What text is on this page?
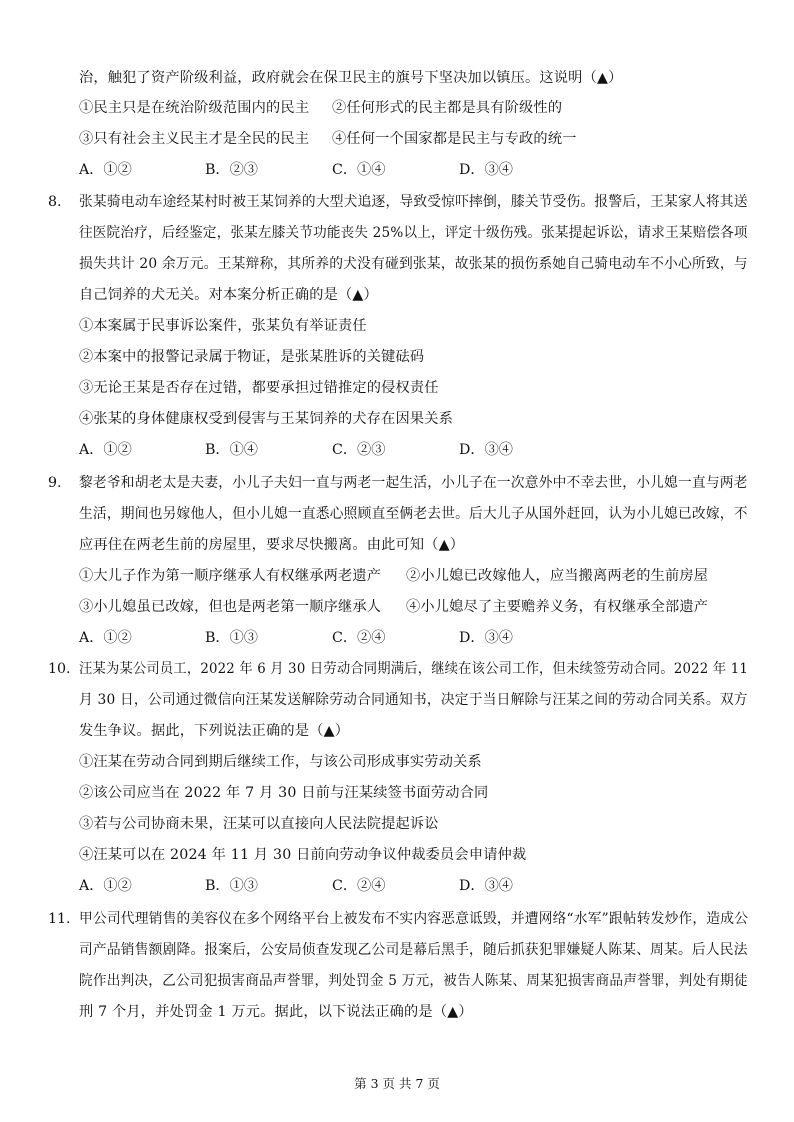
治，触犯了资产阶级利益，政府就会在保卫民主的旗号下坚决加以镇压。这说明（▲）
①民主只是在统治阶级范围内的民主 ②任何形式的民主都是具有阶级性的
③只有社会主义民主才是全民的民主 ④任何一个国家都是民主与专政的统一
A．①②	B．②③	C．①④	D．③④
8. 张某骑电动车途经某村时被王某饲养的大型犬追逐，导致受惊吓摔倒，膝关节受伤。报警后，王某家人将其送
往医院治疗，后经鉴定，张某左膝关节功能丧失 25%以上，评定十级伤残。张某提起诉讼，请求王某赔偿各项
损失共计 20 余万元。王某辩称，其所养的犬没有碰到张某，故张某的损伤系她自己骑电动车不小心所致，与
自己饲养的犬无关。对本案分析正确的是（▲）
①本案属于民事诉讼案件，张某负有举证责任
②本案中的报警记录属于物证，是张某胜诉的关键砝码
③无论王某是否存在过错，都要承担过错推定的侵权责任
④张某的身体健康权受到侵害与王某饲养的犬存在因果关系
A．①②	B．①④	C．②③	D．③④
9. 黎老爷和胡老太是夫妻，小儿子夫妇一直与两老一起生活，小儿子在一次意外中不幸去世，小儿媳一直与两老
生活，期间也另嫁他人，但小儿媳一直悉心照顾直至俩老去世。后大儿子从国外赶回，认为小儿媳已改嫁，不
应再住在两老生前的房屋里，要求尽快搬离。由此可知（▲）
①大儿子作为第一顺序继承人有权继承两老遗产 ②小儿媳已改嫁他人，应当搬离两老的生前房屋
③小儿媳虽已改嫁，但也是两老第一顺序继承人 ④小儿媳尽了主要赡养义务，有权继承全部遗产
A．①②	B．①③	C．②④	D．③④
10. 汪某为某公司员工，2022 年 6 月 30 日劳动合同期满后，继续在该公司工作，但未续签劳动合同。2022 年 11
月 30 日，公司通过微信向汪某发送解除劳动合同通知书，决定于当日解除与汪某之间的劳动合同关系。双方
发生争议。据此，下列说法正确的是（▲）
①汪某在劳动合同到期后继续工作，与该公司形成事实劳动关系
②该公司应当在 2022 年 7 月 30 日前与汪某续签书面劳动合同
③若与公司协商未果，汪某可以直接向人民法院提起诉讼
④汪某可以在 2024 年 11 月 30 日前向劳动争议仲裁委员会申请仲裁
A．①②	B．①③	C．②④	D．③④
11. 甲公司代理销售的美容仪在多个网络平台上被发布不实内容恶意诋毁，并遭网络“水军”跟帖转发炒作，造成公
司产品销售额剧降。报案后，公安局侦查发现乙公司是幕后黑手，随后抓获犯罪嫌疑人陈某、周某。后人民法
院作出判决，乙公司犯损害商品声誉罪，判处罚金 5 万元，被告人陈某、周某犯损害商品声誉罪，判处有期徒
刑 7 个月，并处罚金 1 万元。据此，以下说法正确的是（▲）
第 3 页 共 7 页
